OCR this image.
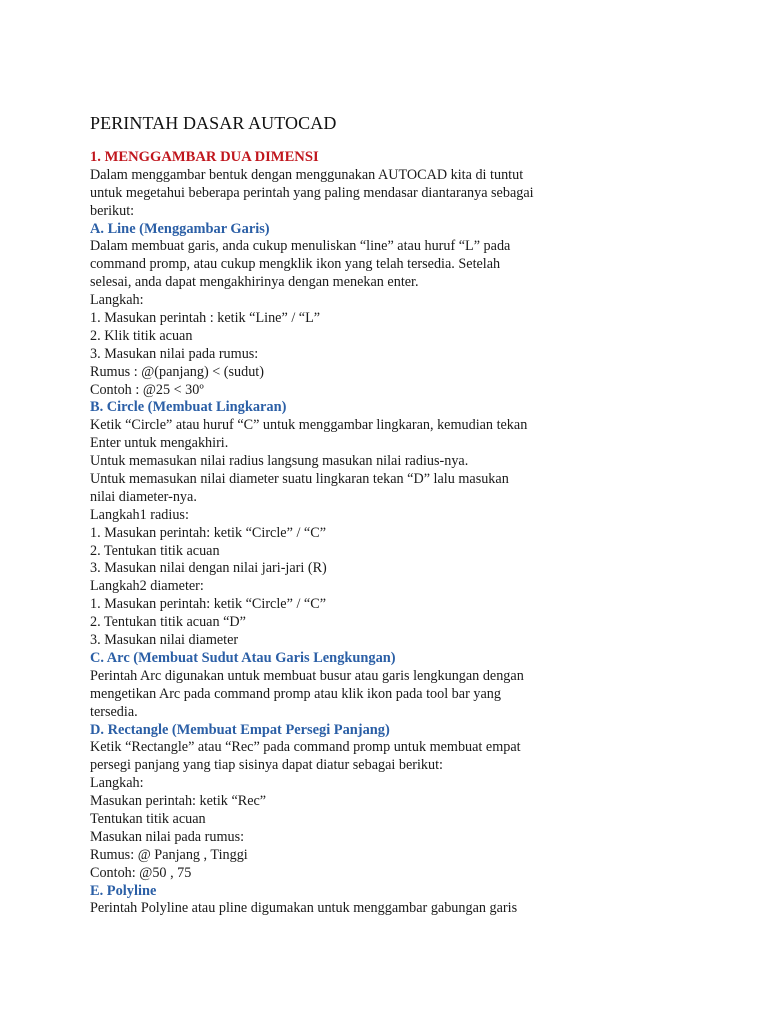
PERINTAH DASAR AUTOCAD
1. MENGGAMBAR DUA DIMENSI
Dalam menggambar bentuk dengan menggunakan AUTOCAD kita di tuntut
untuk megetahui beberapa perintah yang paling mendasar diantaranya sebagai
berikut:
A. Line (Menggambar Garis)
Dalam membuat garis, anda cukup menuliskan “line” atau huruf “L” pada
command promp, atau cukup mengklik ikon yang telah tersedia. Setelah
selesai, anda dapat mengakhirinya dengan menekan enter.
Langkah:
1. Masukan perintah : ketik “Line” / “L”
2. Klik titik acuan
3. Masukan nilai pada rumus:
Rumus : @(panjang) < (sudut)
Contoh : @25 < 30º
B. Circle (Membuat Lingkaran)
Ketik “Circle” atau huruf “C” untuk menggambar lingkaran, kemudian tekan
Enter untuk mengakhiri.
Untuk memasukan nilai radius langsung masukan nilai radius-nya.
Untuk memasukan nilai diameter suatu lingkaran tekan “D” lalu masukan
nilai diameter-nya.
Langkah1 radius:
1. Masukan perintah: ketik “Circle” / “C”
2. Tentukan titik acuan
3. Masukan nilai dengan nilai jari-jari (R)
Langkah2 diameter:
1. Masukan perintah: ketik “Circle” / “C”
2. Tentukan titik acuan “D”
3. Masukan nilai diameter
C. Arc (Membuat Sudut Atau Garis Lengkungan)
Perintah Arc digunakan untuk membuat busur atau garis lengkungan dengan
mengetikan Arc pada command promp atau klik ikon pada tool bar yang
tersedia.
D. Rectangle (Membuat Empat Persegi Panjang)
Ketik “Rectangle” atau “Rec” pada command promp untuk membuat empat
persegi panjang yang tiap sisinya dapat diatur sebagai berikut:
Langkah:
Masukan perintah: ketik “Rec”
Tentukan titik acuan
Masukan nilai pada rumus:
Rumus: @ Panjang , Tinggi
Contoh: @50 , 75
E. Polyline
Perintah Polyline atau pline digumakan untuk menggambar gabungan garis
